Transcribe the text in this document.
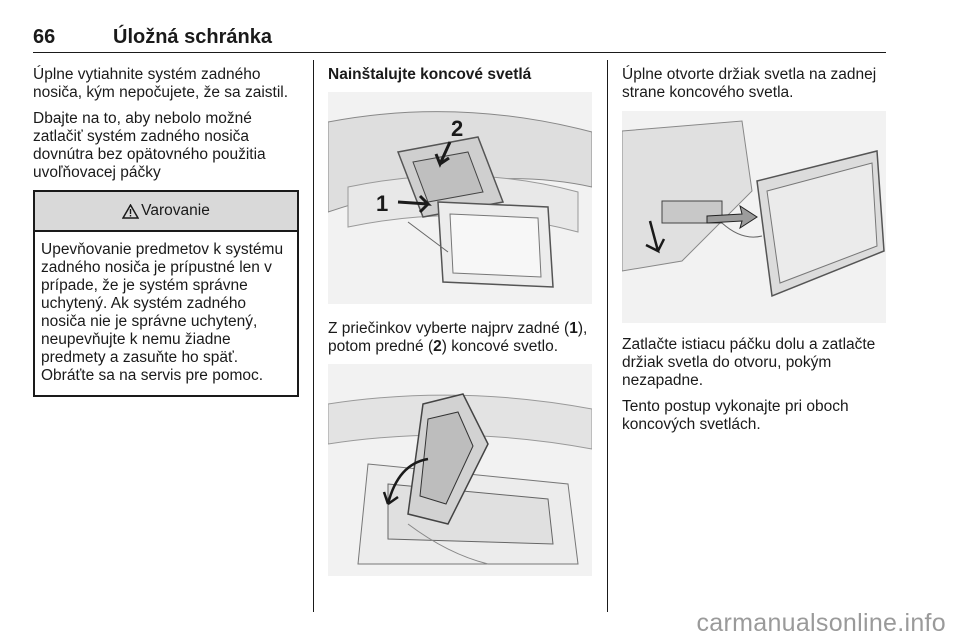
66	Úložná schránka

Úplne vytiahnite systém zadného nosiča, kým nepočujete, že sa zaistil.

Dbajte na to, aby nebolo možné zatlačiť systém zadného nosiča dovnútra bez opätovného použitia uvoľňovacej páčky

Varovanie
Upevňovanie predmetov k systému zadného nosiča je prípustné len v prípade, že je systém správne uchytený. Ak systém zadného nosiča nie je správne uchytený, neupevňujte k nemu žiadne predmety a zasuňte ho späť. Obráťte sa na servis pre pomoc.

Nainštalujte koncové svetlá

1
2

Z priečinkov vyberte najprv zadné (1), potom predné (2) koncové svetlo.

Úplne otvorte držiak svetla na zadnej strane koncového svetla.

Zatlačte istiacu páčku dolu a zatlačte držiak svetla do otvoru, pokým nezapadne.

Tento postup vykonajte pri oboch koncových svetlách.

carmanualsonline.info
